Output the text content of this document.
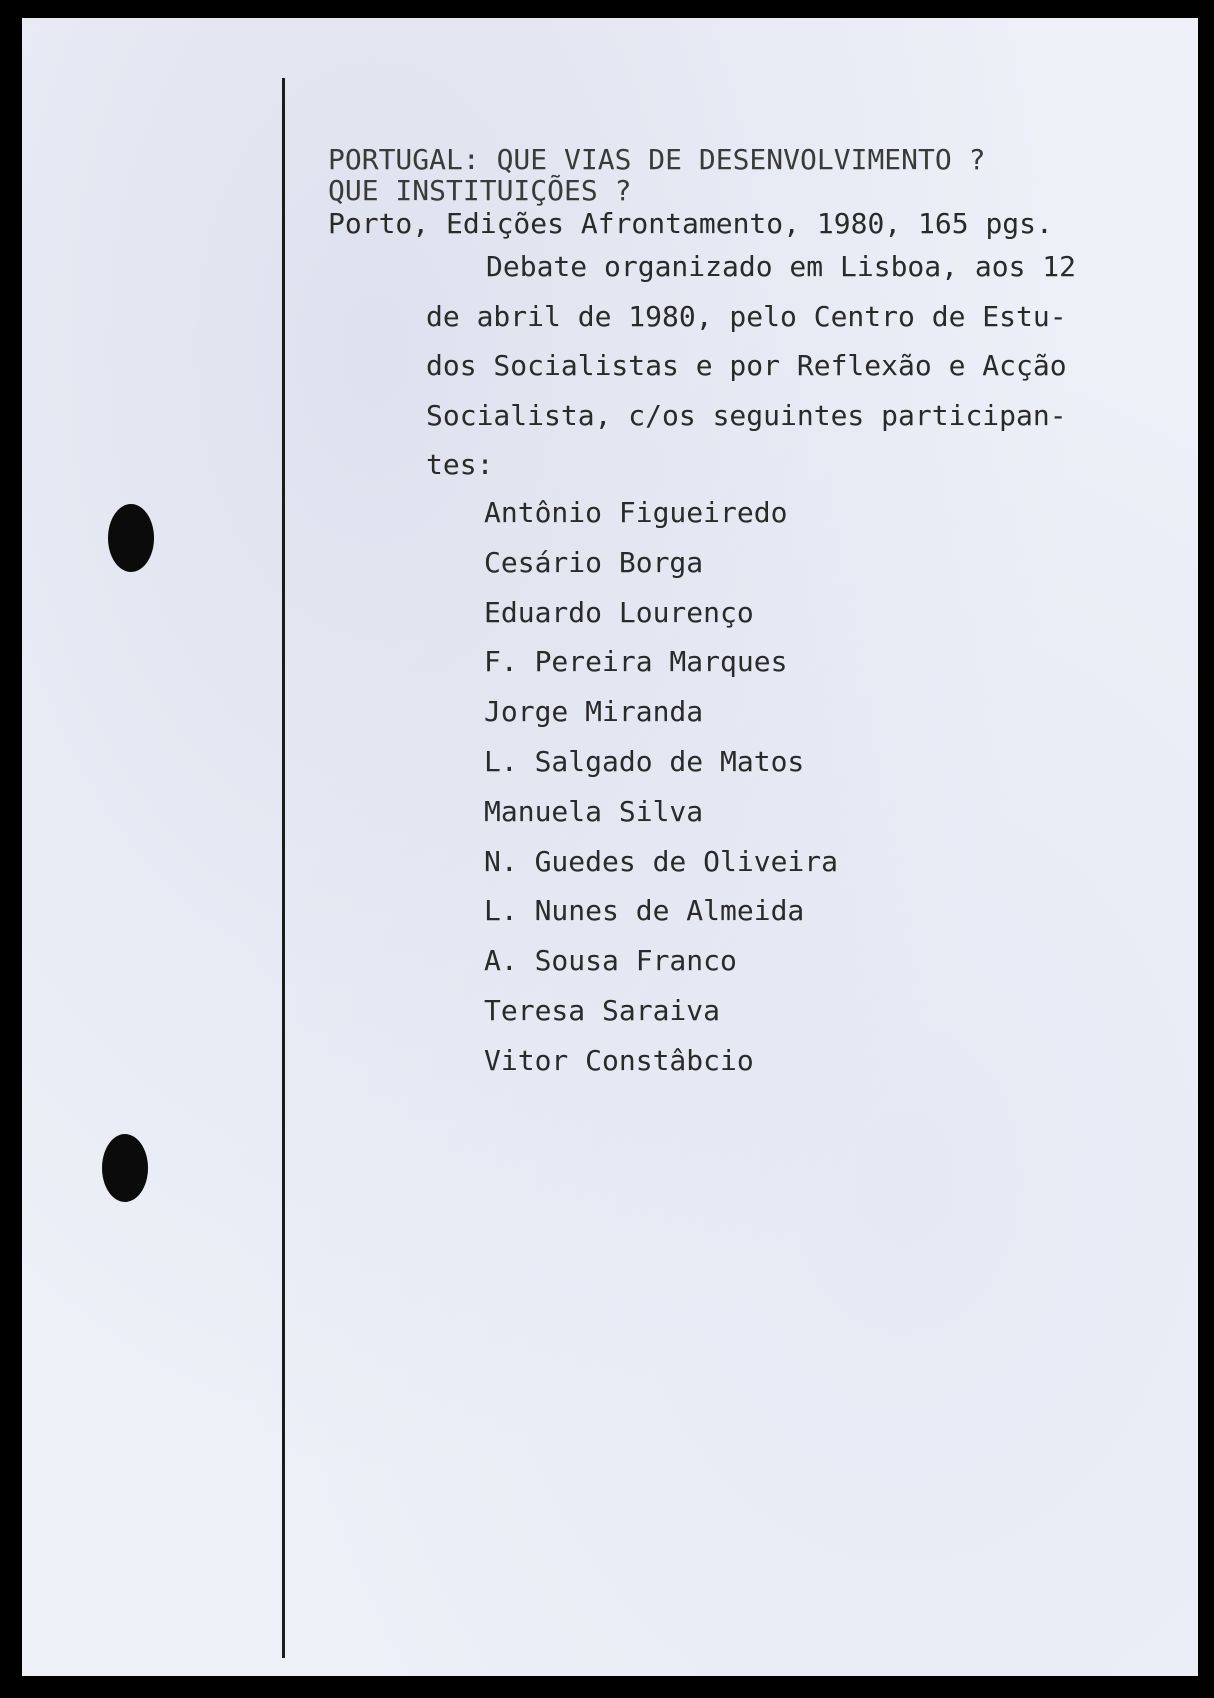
PORTUGAL: QUE VIAS DE DESENVOLVIMENTO ?
QUE INSTITUIÇÕES ?
Porto, Edições Afrontamento, 1980, 165 pgs.
Debate organizado em Lisboa, aos 12
de abril de 1980, pelo Centro de Estu-
dos Socialistas e por Reflexão e Acção
Socialista, c/os seguintes participan-
tes:
Antônio Figueiredo
Cesário Borga
Eduardo Lourenço
F. Pereira Marques
Jorge Miranda
L. Salgado de Matos
Manuela Silva
N. Guedes de Oliveira
L. Nunes de Almeida
A. Sousa Franco
Teresa Saraiva
Vitor Constâbcio
